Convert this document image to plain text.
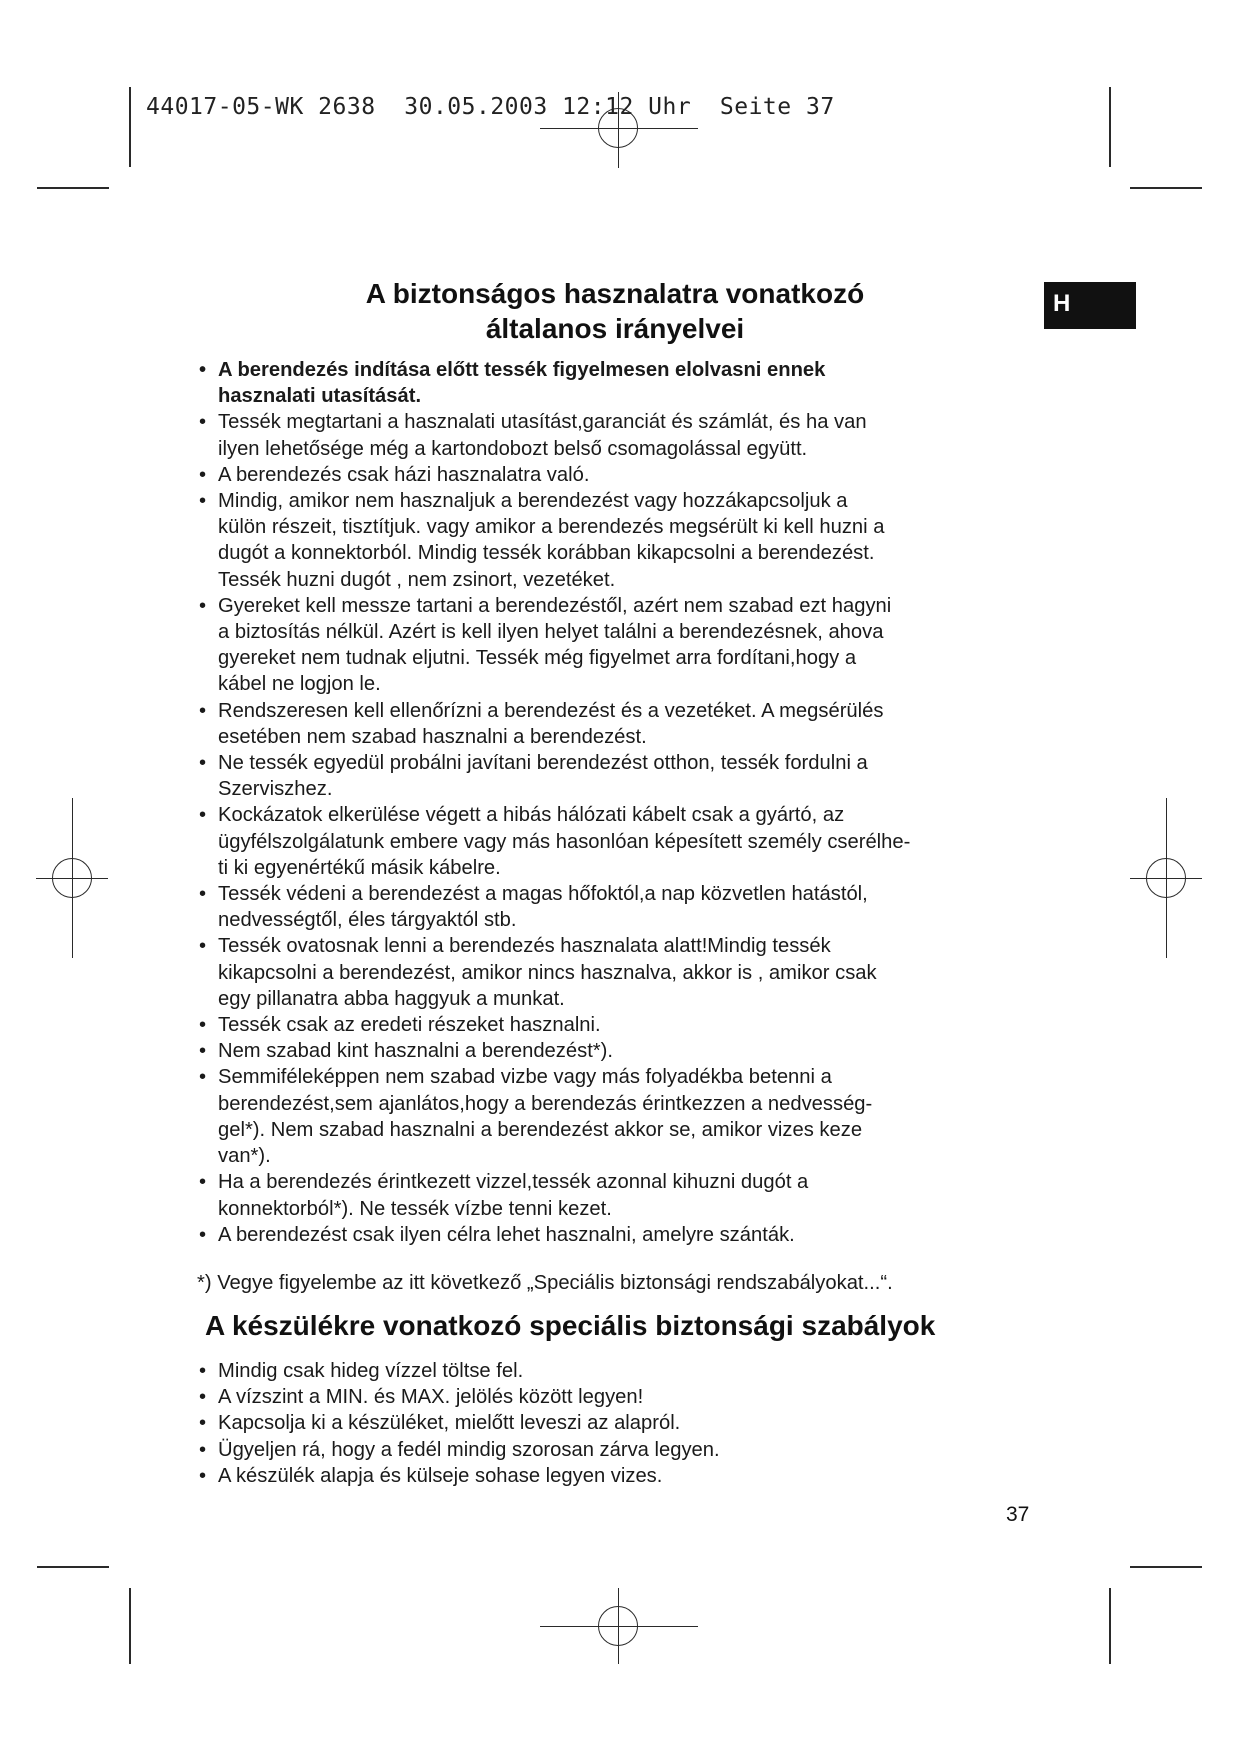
44017-05-WK 2638  30.05.2003 12:12 Uhr  Seite 37
H
A biztonságos hasznalatra vonatkozó
általanos irányelvei
• A berendezés indítása előtt tessék figyelmesen elolvasni ennek
hasznalati utasítását.
• Tessék megtartani a hasznalati utasítást,garanciát és számlát, és ha van
ilyen lehetősége még a kartondobozt belső csomagolással együtt.
• A berendezés csak házi hasznalatra való.
• Mindig, amikor nem hasznaljuk a berendezést vagy hozzákapcsoljuk a
külön részeit, tisztítjuk. vagy amikor a berendezés megsérült ki kell huzni a
dugót a konnektorból. Mindig tessék korábban kikapcsolni a berendezést.
Tessék huzni dugót , nem zsinort, vezetéket.
• Gyereket kell messze tartani a berendezéstől, azért nem szabad ezt hagyni
a biztosítás nélkül. Azért is kell ilyen helyet találni a berendezésnek, ahova
gyereket nem tudnak eljutni. Tessék még figyelmet arra fordítani,hogy a
kábel ne logjon le.
• Rendszeresen kell ellenőrízni a berendezést és a vezetéket. A megsérülés
esetében nem szabad hasznalni a berendezést.
• Ne tessék egyedül probálni javítani berendezést otthon, tessék fordulni a
Szerviszhez.
• Kockázatok elkerülése végett a hibás hálózati kábelt csak a gyártó, az
ügyfélszolgálatunk embere vagy más hasonlóan képesített személy cserélhe-
ti ki egyenértékű másik kábelre.
• Tessék védeni a berendezést a magas hőfoktól,a nap közvetlen hatástól,
nedvességtől, éles tárgyaktól stb.
• Tessék ovatosnak lenni a berendezés hasznalata alatt!Mindig tessék
kikapcsolni a berendezést, amikor nincs hasznalva, akkor is , amikor csak
egy pillanatra abba haggyuk a munkat.
• Tessék csak az eredeti részeket hasznalni.
• Nem szabad kint hasznalni a berendezést*).
• Semmiféleképpen nem szabad vizbe vagy más folyadékba betenni a
berendezést,sem ajanlátos,hogy a berendezás érintkezzen a nedvesség-
gel*). Nem szabad hasznalni a berendezést akkor se, amikor vizes keze
van*).
• Ha a berendezés érintkezett vizzel,tessék azonnal kihuzni dugót a
konnektorból*). Ne tessék vízbe tenni kezet.
• A berendezést csak ilyen célra lehet hasznalni, amelyre szánták.
*) Vegye figyelembe az itt következő „Speciális biztonsági rendszabályokat...“.
A készülékre vonatkozó speciális biztonsági szabályok
• Mindig csak hideg vízzel töltse fel.
• A vízszint a MIN. és MAX. jelölés között legyen!
• Kapcsolja ki a készüléket, mielőtt leveszi az alapról.
• Ügyeljen rá, hogy a fedél mindig szorosan zárva legyen.
• A készülék alapja és külseje sohase legyen vizes.
37
